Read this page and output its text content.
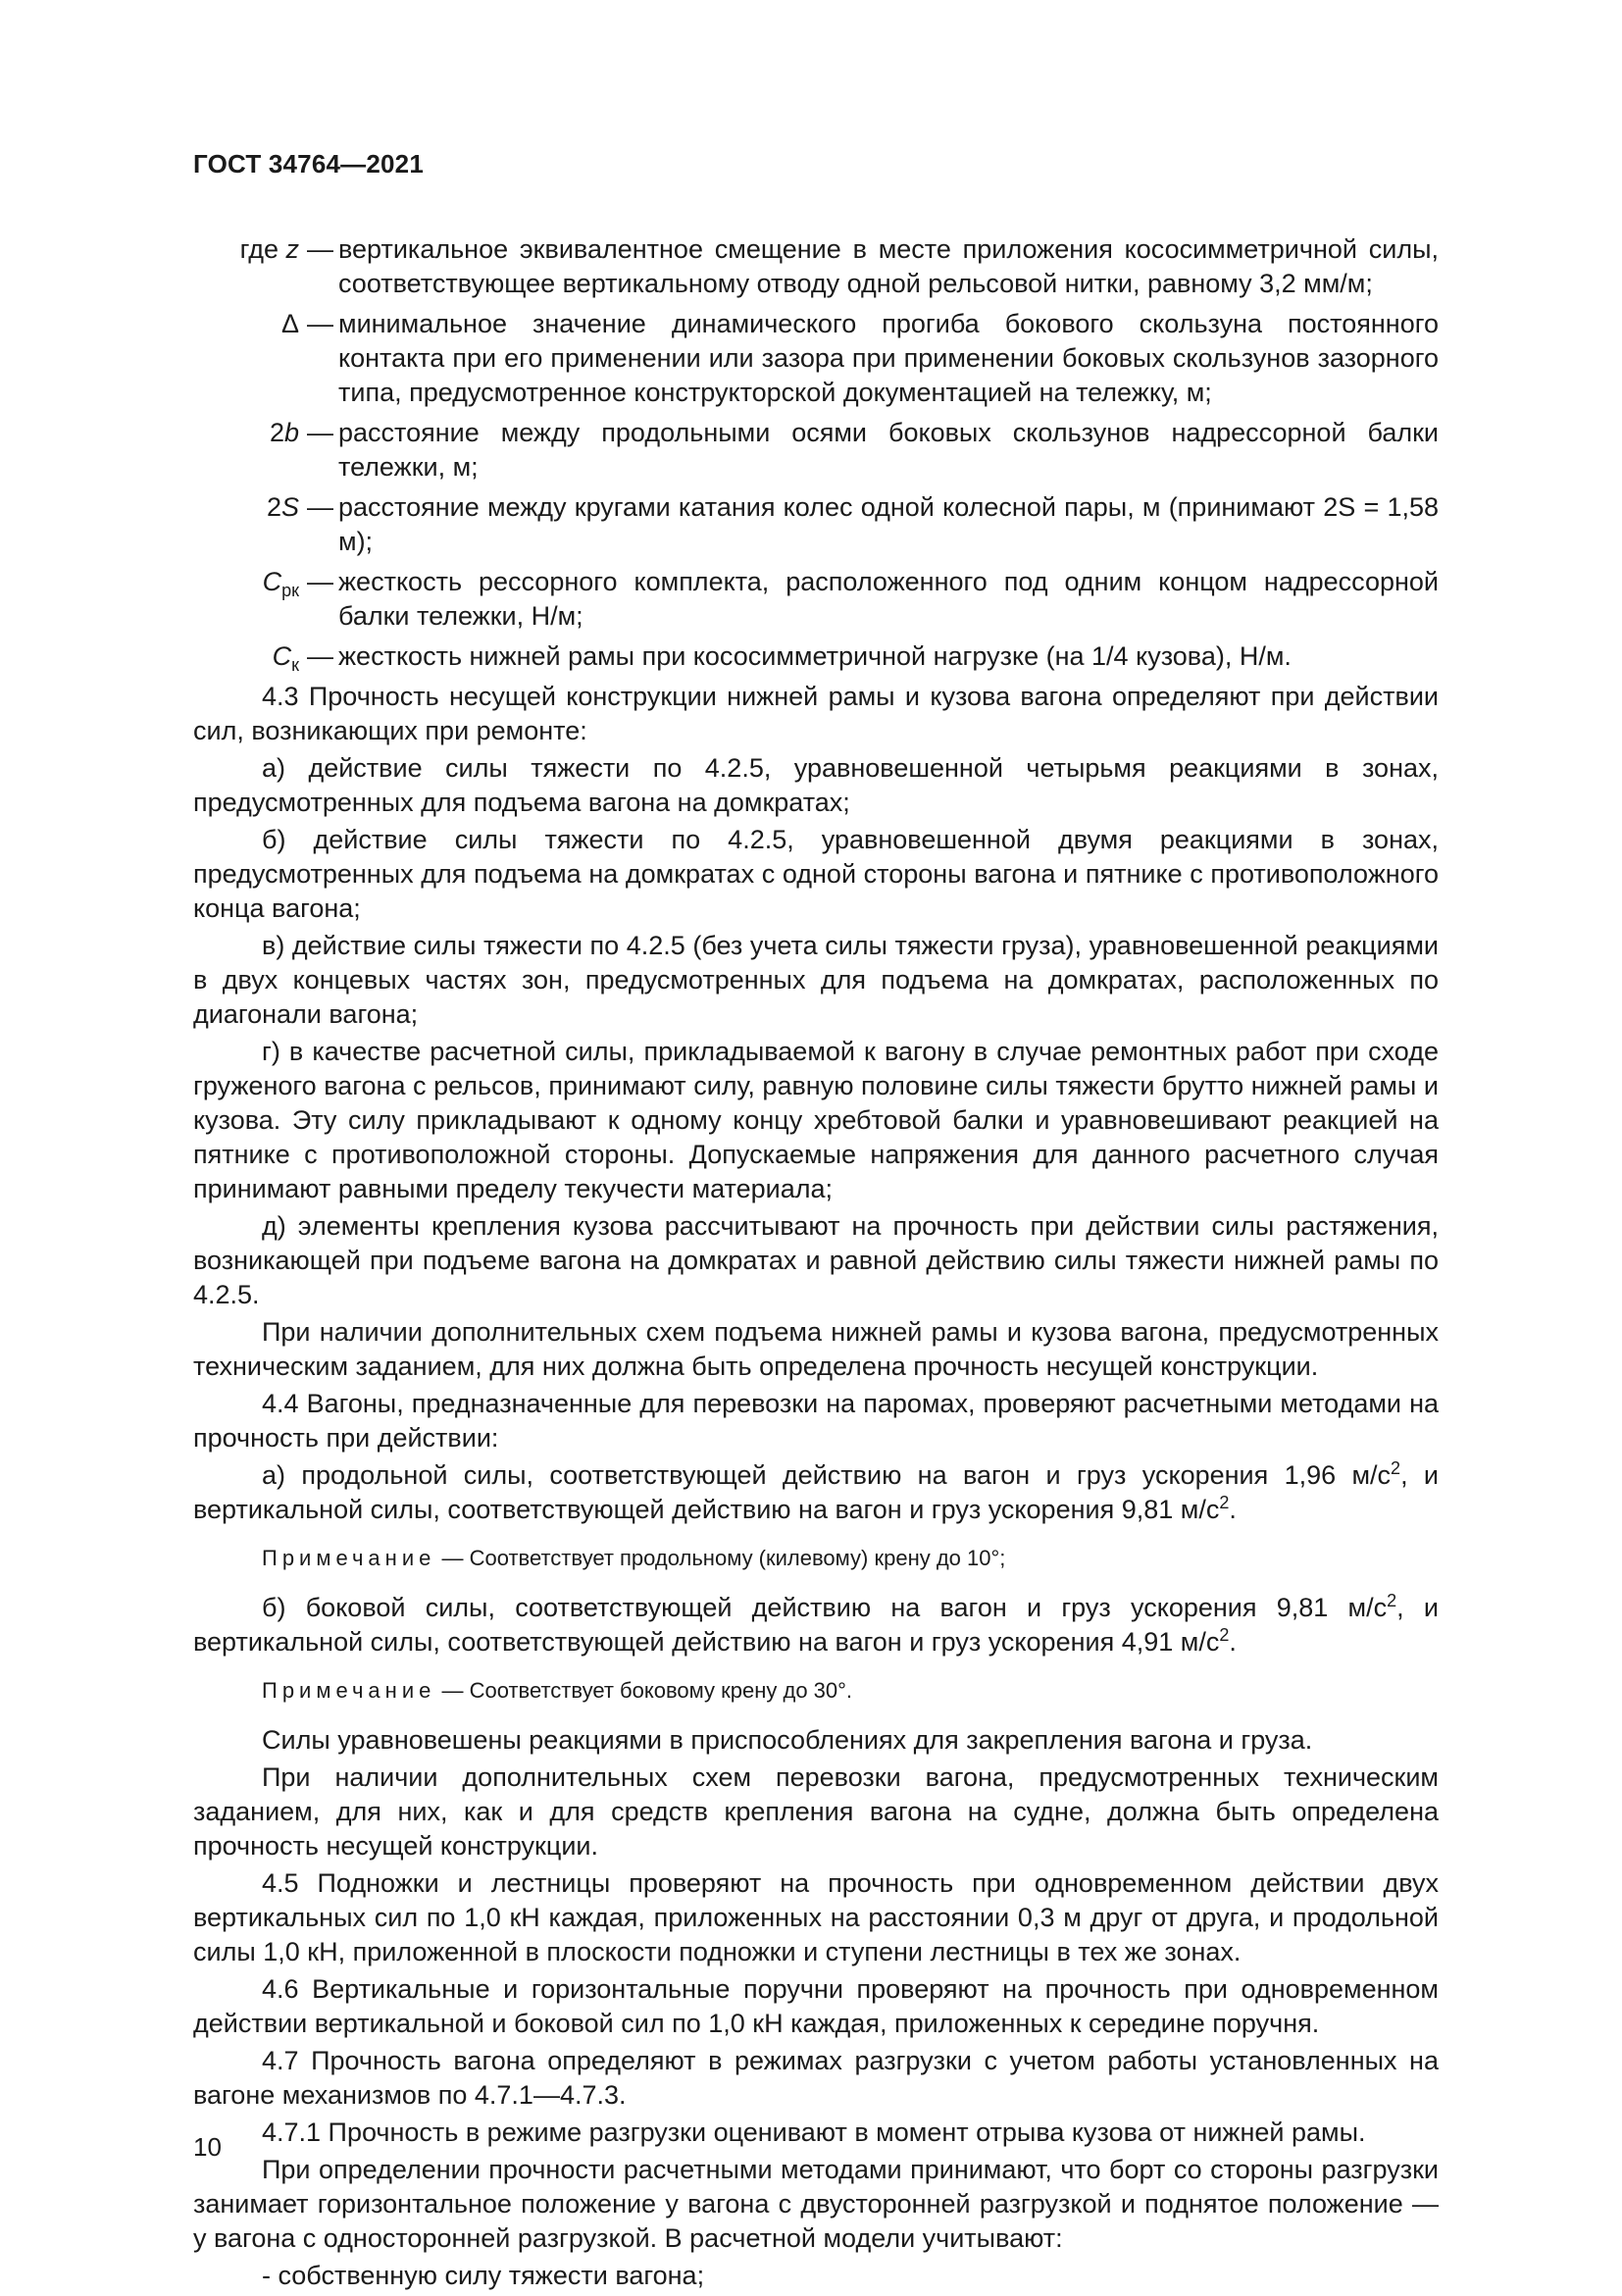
ГОСТ 34764—2021
где z — вертикальное эквивалентное смещение в месте приложения кососимметричной силы, соответствующее вертикальному отводу одной рельсовой нитки, равному 3,2 мм/м;
Δ — минимальное значение динамического прогиба бокового скользуна постоянного контакта при его применении или зазора при применении боковых скользунов зазорного типа, предусмотренное конструкторской документацией на тележку, м;
2b — расстояние между продольными осями боковых скользунов надрессорной балки тележки, м;
2S — расстояние между кругами катания колес одной колесной пары, м (принимают 2S = 1,58 м);
$C_{рк}$ — жесткость рессорного комплекта, расположенного под одним концом надрессорной балки тележки, Н/м;
$C_к$ — жесткость нижней рамы при кососимметричной нагрузке (на 1/4 кузова), Н/м.

4.3 Прочность несущей конструкции нижней рамы и кузова вагона определяют при действии сил, возникающих при ремонте:

а) действие силы тяжести по 4.2.5, уравновешенной четырьмя реакциями в зонах, предусмотренных для подъема вагона на домкратах;

б) действие силы тяжести по 4.2.5, уравновешенной двумя реакциями в зонах, предусмотренных для подъема на домкратах с одной стороны вагона и пятнике с противоположного конца вагона;

в) действие силы тяжести по 4.2.5 (без учета силы тяжести груза), уравновешенной реакциями в двух концевых частях зон, предусмотренных для подъема на домкратах, расположенных по диагонали вагона;

г) в качестве расчетной силы, прикладываемой к вагону в случае ремонтных работ при сходе груженого вагона с рельсов, принимают силу, равную половине силы тяжести брутто нижней рамы и кузова. Эту силу прикладывают к одному концу хребтовой балки и уравновешивают реакцией на пятнике с противоположной стороны. Допускаемые напряжения для данного расчетного случая принимают равными пределу текучести материала;

д) элементы крепления кузова рассчитывают на прочность при действии силы растяжения, возникающей при подъеме вагона на домкратах и равной действию силы тяжести нижней рамы по 4.2.5.

При наличии дополнительных схем подъема нижней рамы и кузова вагона, предусмотренных техническим заданием, для них должна быть определена прочность несущей конструкции.

4.4 Вагоны, предназначенные для перевозки на паромах, проверяют расчетными методами на прочность при действии:

а) продольной силы, соответствующей действию на вагон и груз ускорения 1,96 $м/с^2$, и вертикальной силы, соответствующей действию на вагон и груз ускорения 9,81 $м/с^2$.

Примечание — Соответствует продольному (килевому) крену до 10°;

б) боковой силы, соответствующей действию на вагон и груз ускорения 9,81 $м/с^2$, и вертикальной силы, соответствующей действию на вагон и груз ускорения 4,91 $м/с^2$.

Примечание — Соответствует боковому крену до 30°.

Силы уравновешены реакциями в приспособлениях для закрепления вагона и груза.

При наличии дополнительных схем перевозки вагона, предусмотренных техническим заданием, для них, как и для средств крепления вагона на судне, должна быть определена прочность несущей конструкции.

4.5 Подножки и лестницы проверяют на прочность при одновременном действии двух вертикальных сил по 1,0 кН каждая, приложенных на расстоянии 0,3 м друг от друга, и продольной силы 1,0 кН, приложенной в плоскости подножки и ступени лестницы в тех же зонах.

4.6 Вертикальные и горизонтальные поручни проверяют на прочность при одновременном действии вертикальной и боковой сил по 1,0 кН каждая, приложенных к середине поручня.

4.7 Прочность вагона определяют в режимах разгрузки с учетом работы установленных на вагоне механизмов по 4.7.1—4.7.3.

4.7.1 Прочность в режиме разгрузки оценивают в момент отрыва кузова от нижней рамы.

При определении прочности расчетными методами принимают, что борт со стороны разгрузки занимает горизонтальное положение у вагона с двусторонней разгрузкой и поднятое положение — у вагона с односторонней разгрузкой. В расчетной модели учитывают:

- собственную силу тяжести вагона;

10
